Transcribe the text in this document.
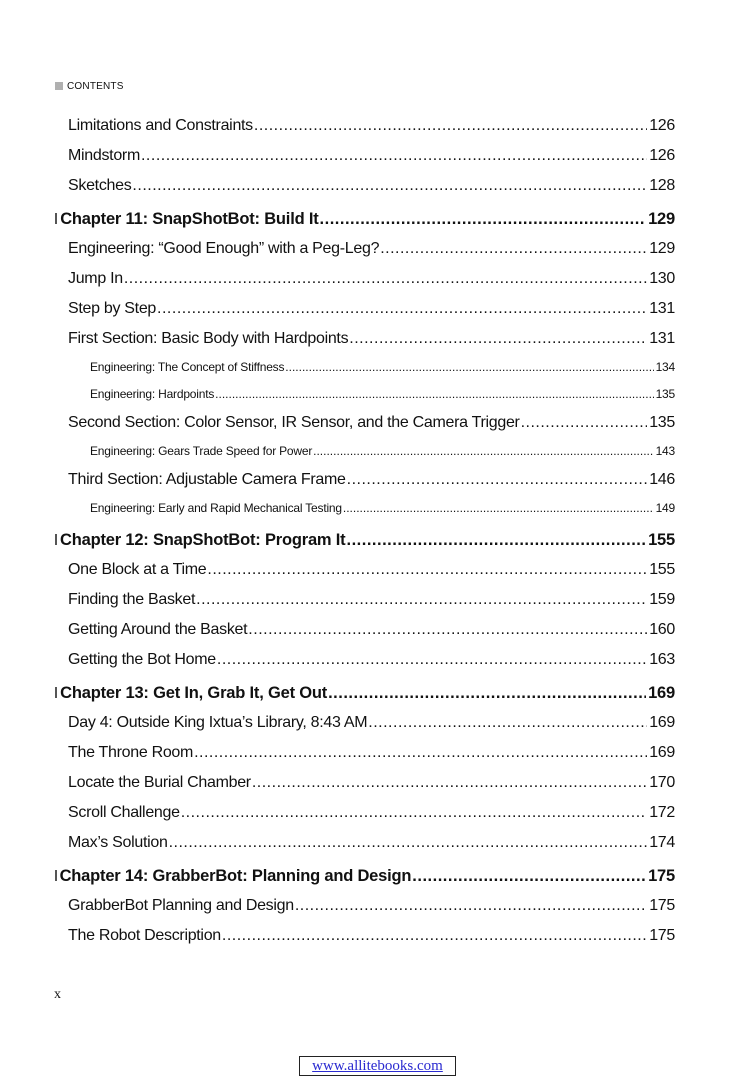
CONTENTS
Limitations and Constraints .....	126
Mindstorm .....	126
Sketches .....	128
Chapter 11: SnapShotBot: Build It .....	129
Engineering: “Good Enough” with a Peg-Leg? .....	129
Jump In .....	130
Step by Step .....	131
First Section: Basic Body with Hardpoints .....	131
Engineering: The Concept of Stiffness .....	134
Engineering: Hardpoints .....	135
Second Section: Color Sensor, IR Sensor, and the Camera Trigger .....	135
Engineering: Gears Trade Speed for Power .....	143
Third Section: Adjustable Camera Frame .....	146
Engineering: Early and Rapid Mechanical Testing .....	149
Chapter 12: SnapShotBot: Program It .....	155
One Block at a Time .....	155
Finding the Basket .....	159
Getting Around the Basket .....	160
Getting the Bot Home .....	163
Chapter 13: Get In, Grab It, Get Out .....	169
Day 4: Outside King Ixtua’s Library, 8:43 AM .....	169
The Throne Room .....	169
Locate the Burial Chamber .....	170
Scroll Challenge .....	172
Max’s Solution .....	174
Chapter 14: GrabberBot: Planning and Design .....	175
GrabberBot Planning and Design .....	175
The Robot Description .....	175
x
www.allitebooks.com
